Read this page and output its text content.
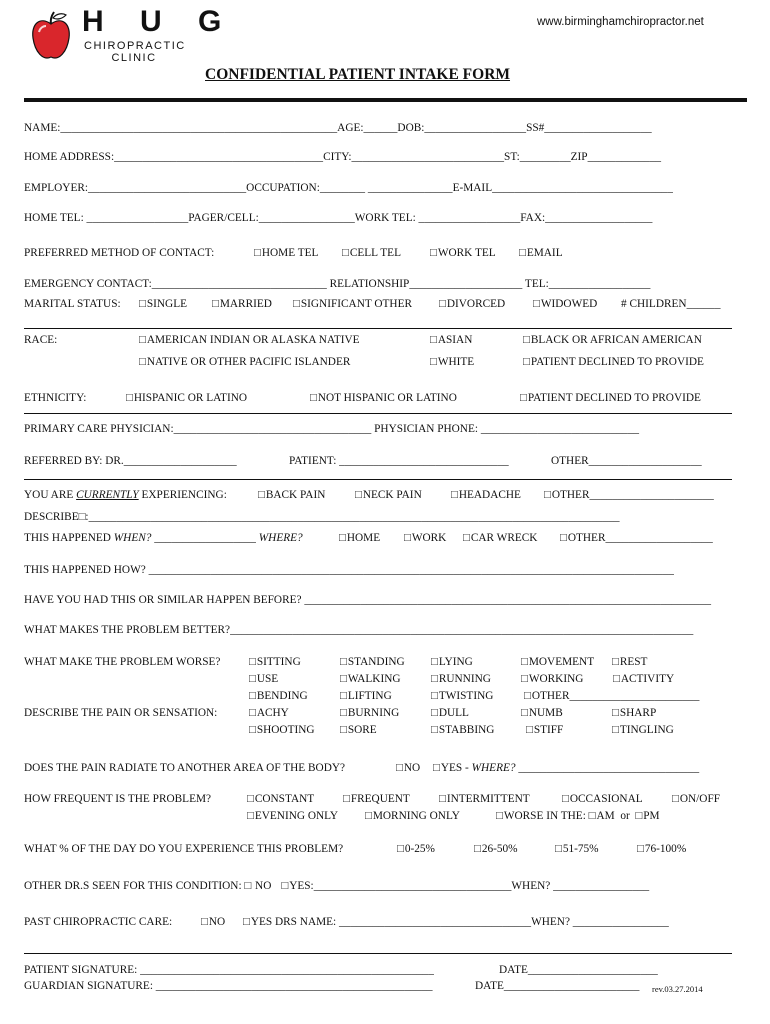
H U G
CHIROPRACTIC
CLINIC
www.birminghamchiropractor.net
CONFIDENTIAL PATIENT INTAKE FORM
NAME:_________________________________________________AGE:______DOB:__________________SS#___________________
HOME ADDRESS:_____________________________________CITY:___________________________ST:_________ZIP_____________
EMPLOYER:____________________________OCCUPATION:________ _______________E-MAIL________________________________
HOME TEL: __________________PAGER/CELL:_________________WORK TEL: __________________FAX:___________________
PREFERRED METHOD OF CONTACT:	□ HOME TEL	□ CELL TEL	□ WORK TEL	□ EMAIL
EMERGENCY CONTACT:_______________________________ RELATIONSHIP____________________ TEL:__________________
MARITAL STATUS:	□ SINGLE	□ MARRIED	□ SIGNIFICANT OTHER	□ DIVORCED	□ WIDOWED # CHILDREN______
RACE:	□ AMERICAN INDIAN OR ALASKA NATIVE	□ ASIAN	□ BLACK OR AFRICAN AMERICAN
□ NATIVE OR OTHER PACIFIC ISLANDER	□ WHITE	□ PATIENT DECLINED TO PROVIDE
ETHNICITY:	□ HISPANIC OR LATINO	□ NOT HISPANIC OR LATINO	□ PATIENT DECLINED TO PROVIDE
PRIMARY CARE PHYSICIAN:___________________________________ PHYSICIAN PHONE: ____________________________
REFERRED BY: DR.____________________	PATIENT: ______________________________	OTHER____________________
YOU ARE CURRENTLY EXPERIENCING:	□ BACK PAIN	□ NECK PAIN	□ HEADACHE	□ OTHER______________________
DESCRIBE□:______________________________________________________________________________________________
THIS HAPPENED WHEN? __________________ WHERE?	□ HOME	□ WORK	□ CAR WRECK	□ OTHER___________________
THIS HAPPENED HOW? _____________________________________________________________________________________________
HAVE YOU HAD THIS OR SIMILAR HAPPEN BEFORE? ________________________________________________________________________
WHAT MAKES THE PROBLEM BETTER?__________________________________________________________________________________
WHAT MAKE THE PROBLEM WORSE?	□ SITTING	□ STANDING	□ LYING	□ MOVEMENT	□ REST
□ USE	□ WALKING	□ RUNNING	□ WORKING	□ ACTIVITY
□ BENDING	□ LIFTING	□ TWISTING	□ OTHER_______________________
DESCRIBE THE PAIN OR SENSATION:	□ ACHY	□ BURNING	□ DULL	□ NUMB	□ SHARP
□ SHOOTING	□ SORE	□ STABBING	□ STIFF	□ TINGLING
DOES THE PAIN RADIATE TO ANOTHER AREA OF THE BODY?	□ NO	□ YES - WHERE? ________________________________
HOW FREQUENT IS THE PROBLEM?	□ CONSTANT	□ FREQUENT	□ INTERMITTENT	□ OCCASIONAL	□ ON/OFF
□ EVENING ONLY	□ MORNING ONLY	□ WORSE IN THE: □ AM  or  □ PM
WHAT % OF THE DAY DO YOU EXPERIENCE THIS PROBLEM?	□ 0-25%	□ 26-50%	□ 51-75%	□ 76-100%
OTHER DR.S SEEN FOR THIS CONDITION: □ NO □ YES:___________________________________WHEN? _________________
PAST CHIROPRACTIC CARE:	□ NO	□ YES DRS NAME: __________________________________WHEN? _________________
PATIENT SIGNATURE: ____________________________________________________	DATE_______________________
GUARDIAN SIGNATURE: _________________________________________________	DATE________________________ rev.03.27.2014
